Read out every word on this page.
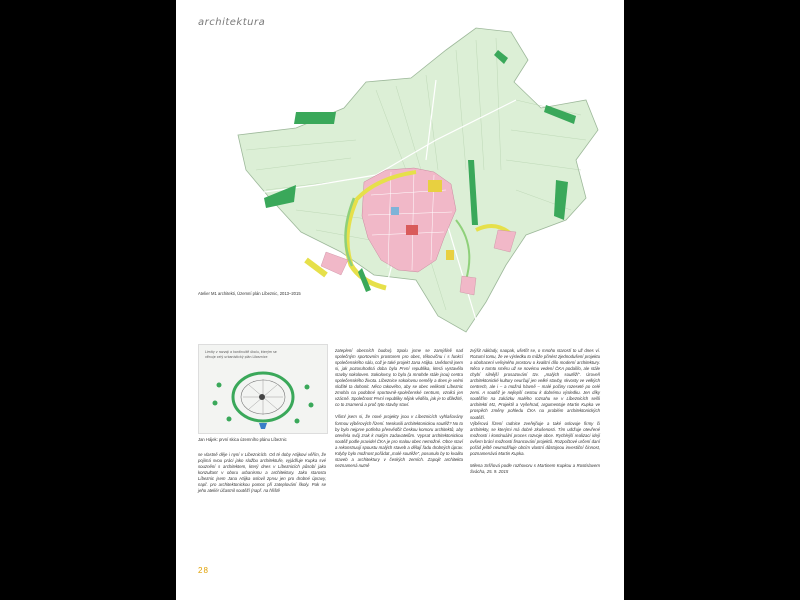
architektura
Atelier M1 architekti, Územní plán Líbeznic, 2013–2015
Limity v rozvoji a kontinuitě úkolu, kterým se
věnuje celý urbanistický plán Líbeznice
Jan Hájek: první skica územního plánu Líbeznic

se vlastně děje i nyní v Líbeznicích. Od té doby Hájkovi věřím, že pojímá svou práci jako službu architektuře, vyjádřuje Kupka své souznění s architektem, který dnes v Líbeznicích působí jako konzultant v oboru urbanismu a architektury. Jako starosta Líbeznic jsem Jana Hájka oslovil zprvu jen pro drobné úpravy, např. pro architektonickou pomoc při zateplování školy. Pak se jeho ateliér účastnil soutěží (např. na hřiště

zateplení obecních budov). Spolu jsme se zamýšleli nad společným sportovním prostorem pro obec, tělocvičnu i s funkcí společenského sálu, což je také projekt Jana Hájka. Uvědomil jsem si, jak pozoruhodná doba byla První republika, která vystavěla stavby sokoloven. Sokolovny, to byla (a mnohde stále jsou) centra společenského života. Líbeznice sokolovnu neměly a dnes je velmi složité ta dohonit. Něco takového, aby se obec velikosti Líbeznic zmohla na podobné sportovně-společenské centrum, vzniká jen vzácně. Společnost První republiky nějak věděla, jak je to důležité, co to znamená a proč tyto stavby staví.

Všiml jsem si, že nové projekty jsou v Líbeznicích vyhlašovány formou výběrových řízení. Neskusili architektonickou soutěž? No to by bylo nejprve potřeba přesvědčit Českou komoru architektů, aby otevřela svůj zrak k malým zadavatelům. Vypsat architektonickou soutěž podle pravidel ČKA je pro malou obec nemožné. Obce staví a rekonstruují spoustu malých staveb a dělají řadu drobných úprav. Kdyby bylo možnost pořádat „malé soutěže“, posunulo by to kvalitu staveb a architektury v českých zemích. Zapojit architekta neznamená nutně

zvýšit náklady, naopak, ušetřit se, o mnoho starostí to už dnes ví. Rozumí tomu, že ve výsledku to může přinést zjednodušení projektu a obohacení veřejného prostoru o kvalitní dílo moderní architektury. Něco v tomto směru už se novému vedení ČKA podařilo, ale stále chybí silnější prosazování tzv. „malých soutěží“. Úroveň architektonické kultury neurčují jen velké stavby, skvosty ve velkých centrech, ale i – a možná hlavně – malé počiny rozeseté po celé zemi. A soutěž je nejlepší cestou k dobrému výsledku. Jen díky soutěžím na zakázku malého rozsahu se v Líbeznicích sešli architekti M1, Projektil a Vyšehrad, argumentuje Martin Kupka ve prospěch změny pohledu ČKA na problém architektonických soutěží.

Výběrová řízení radnice zveřejňuje a také oslovuje firmy či architekty, se kterými má dobré zkušenosti. Tím udržuje otevřené možnosti i kontinuální proces rozvoje obce. Rychlejší realizaci idejí ovšem brání možnosti financování projektů. Rozpočtové určení daní pořád ještě neumožňuje obcím vlastní důstojnou investiční činnost, poznamenává Martin Kupka.

Milena Sršňová podle rozhovoru s Martinem Kupkou a Rostislavem Švácha, 25. 9. 2015

28
